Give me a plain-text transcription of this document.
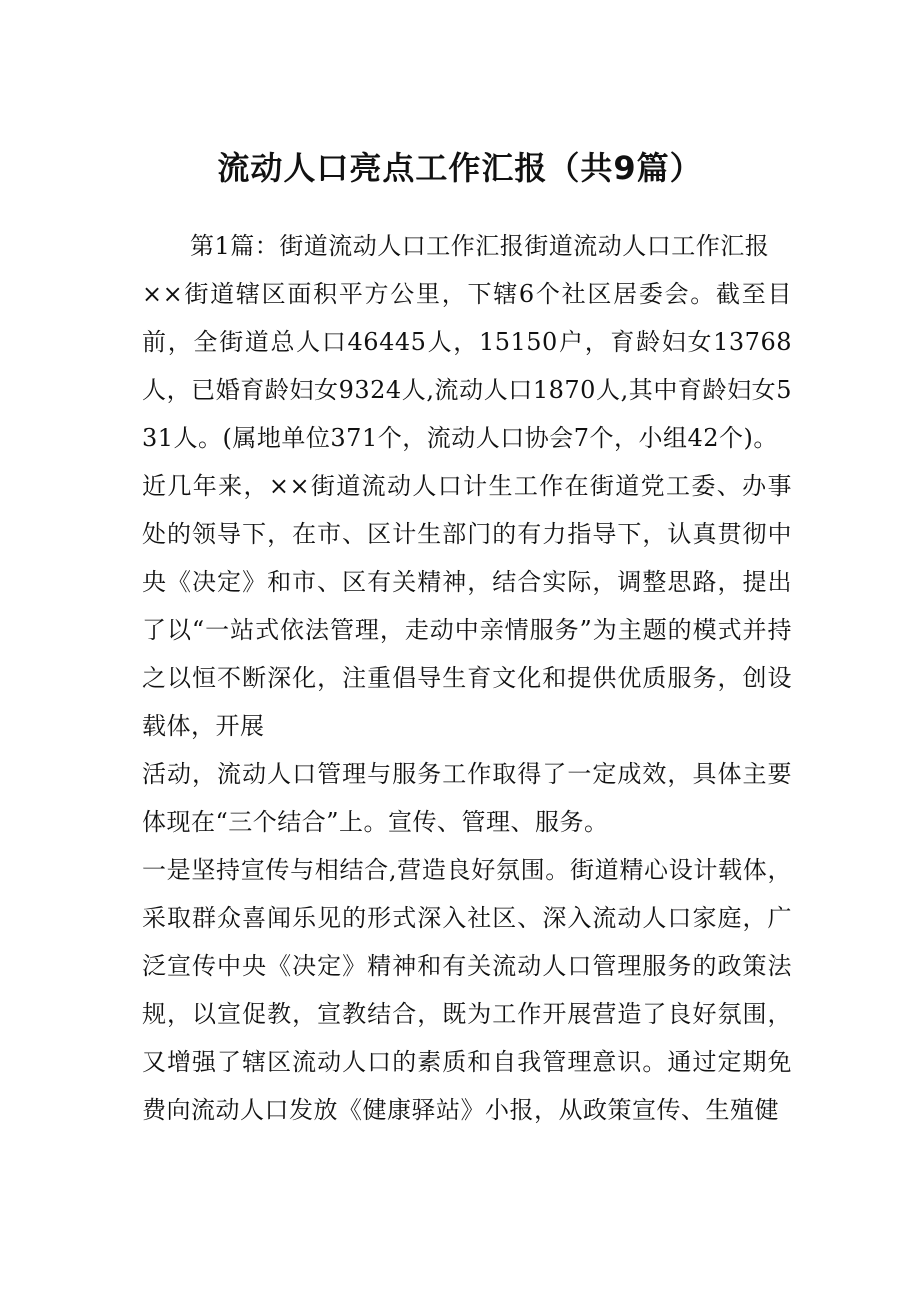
流动人口亮点工作汇报（共9篇）

第1篇：街道流动人口工作汇报街道流动人口工作汇报

××街道辖区面积平方公里，下辖6个社区居委会。截至目前，全街道总人口46445人，15150户，育龄妇女13768人，已婚育龄妇女9324人,流动人口1870人,其中育龄妇女531人。(属地单位371个，流动人口协会7个，小组42个)。

近几年来，××街道流动人口计生工作在街道党工委、办事处的领导下，在市、区计生部门的有力指导下，认真贯彻中央《决定》和市、区有关精神，结合实际，调整思路，提出了以“一站式依法管理，走动中亲情服务”为主题的模式并持之以恒不断深化，注重倡导生育文化和提供优质服务，创设载体，开展

活动，流动人口管理与服务工作取得了一定成效，具体主要体现在“三个结合”上。宣传、管理、服务。

一是坚持宣传与相结合,营造良好氛围。街道精心设计载体，采取群众喜闻乐见的形式深入社区、深入流动人口家庭，广泛宣传中央《决定》精神和有关流动人口管理服务的政策法规，以宣促教，宣教结合，既为工作开展营造了良好氛围，又增强了辖区流动人口的素质和自我管理意识。通过定期免费向流动人口发放《健康驿站》小报，从政策宣传、生殖健
